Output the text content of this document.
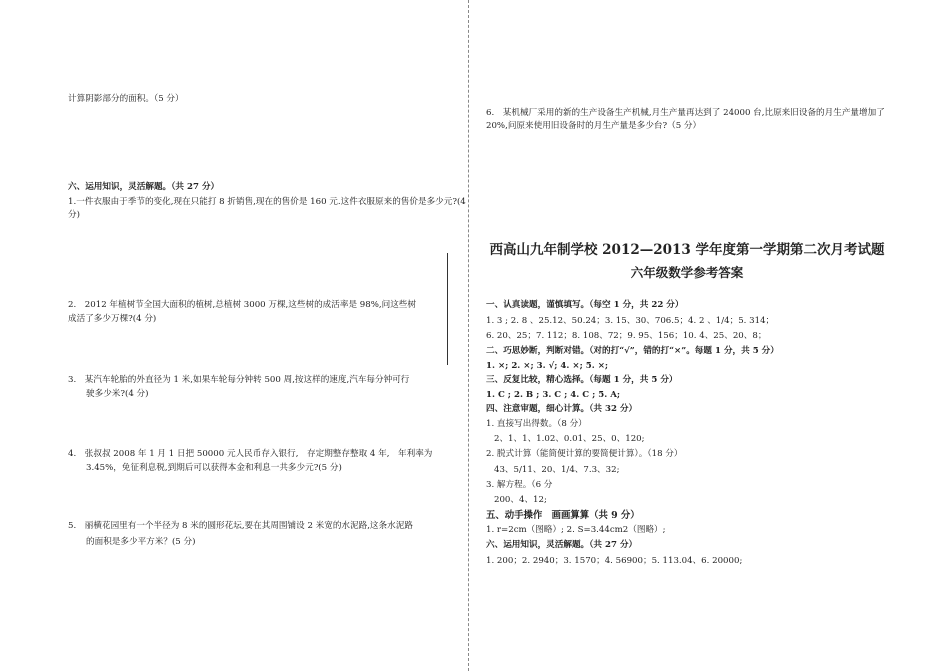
计算阴影部分的面积。（5 分）
六、运用知识，灵活解题。（共 27 分）
1.一件衣服由于季节的变化,现在只能打 8 折销售,现在的售价是 160 元.这件衣服原来的售价是多少元?(4 分)
2.　2012 年植树节全国大面积的植树,总植树 3000 万棵,这些树的成活率是 98%,问这些树
成活了多少万棵?(4 分)
3.　某汽车轮胎的外直径为 1 米,如果车轮每分钟转 500 周,按这样的速度,汽车每分钟可行
驶多少米?(4 分)
4.　张叔叔 2008 年 1 月 1 日把 50000 元人民币存入银行,　存定期整存整取 4 年,　年利率为
3.45%，免征利息税,到期后可以获得本金和利息一共多少元?(5 分)
5.　丽横花园里有一个半径为 8 米的圆形花坛,要在其周围铺设 2 米宽的水泥路,这条水泥路
的面积是多少平方米？(5 分)
6.　某机械厂采用的新的生产设备生产机械,月生产量再达到了 24000 台,比原来旧设备的月生产量增加了 20%,问原来使用旧设备时的月生产量是多少台?（5 分）
西高山九年制学校 2012—2013 学年度第一学期第二次月考试题
六年级数学参考答案
一、认真读题，谨慎填写。（每空 1 分，共 22 分）
1. 3 ; 2. 8 、25.12、50.24；3. 15、30、706.5；4. 2 、1/4；5. 314；
6. 20、25；7. 112；8. 108、72；9. 95、156；10. 4、25、20、8；
二、巧思妙断，判断对错。（对的打“√”，错的打“×”。每题 1 分，共 5 分）
1. ×; 2. ×; 3. √; 4. ×; 5. ×;
三、反复比较，精心选择。（每题 1 分，共 5 分）
1. C ; 2. B ; 3. C ; 4. C ; 5. A;
四、注意审题，细心计算。（共 32 分）
1. 直接写出得数。（8 分）
2、1、1、1.02、0.01、25、0、120;
2. 脱式计算（能简便计算的要简便计算）。（18 分）
43、5/11、20、1/4、7.3、32;
3. 解方程。（6 分
200、4、12;
五、动手操作　画画算算（共 9 分）
1. r=2cm（图略）; 2. S=3.44cm2（图略）;
六、运用知识，灵活解题。（共 27 分）
1. 200；2. 2940；3. 1570；4. 56900；5. 113.04、6. 20000;
